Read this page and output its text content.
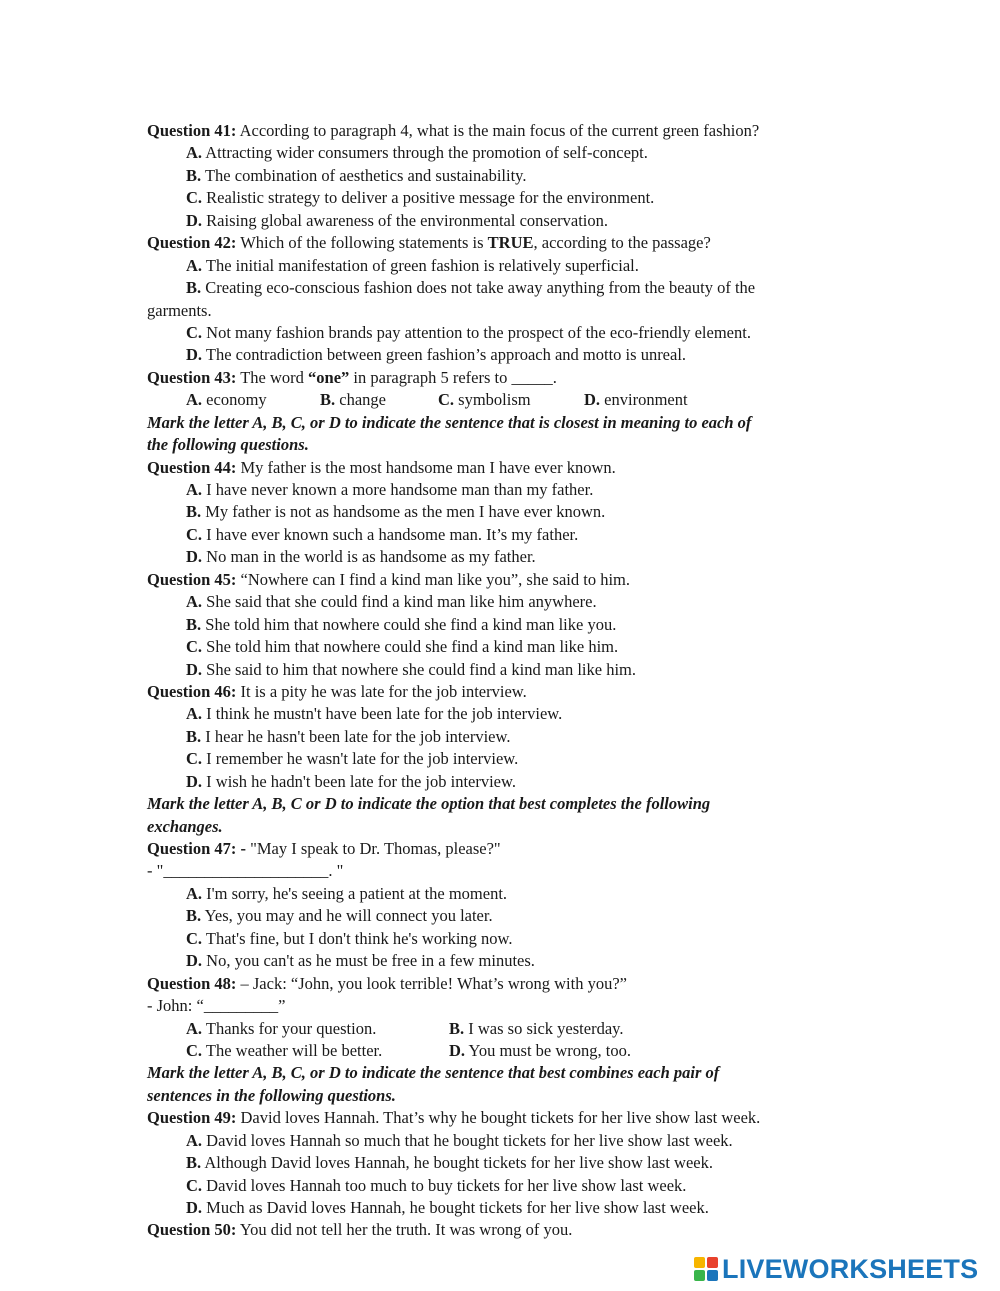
Question 41: According to paragraph 4, what is the main focus of the current green fashion?
A. Attracting wider consumers through the promotion of self-concept.
B. The combination of aesthetics and sustainability.
C. Realistic strategy to deliver a positive message for the environment.
D. Raising global awareness of the environmental conservation.
Question 42: Which of the following statements is TRUE, according to the passage?
A. The initial manifestation of green fashion is relatively superficial.
B. Creating eco-conscious fashion does not take away anything from the beauty of the
garments.
C. Not many fashion brands pay attention to the prospect of the eco-friendly element.
D. The contradiction between green fashion’s approach and motto is unreal.
Question 43: The word “one” in paragraph 5 refers to _____.
A. economy	B. change	C. symbolism	D. environment
Mark the letter A, B, C, or D to indicate the sentence that is closest in meaning to each of
the following questions.
Question 44: My father is the most handsome man I have ever known.
A. I have never known a more handsome man than my father.
B. My father is not as handsome as the men I have ever known.
C. I have ever known such a handsome man. It’s my father.
D. No man in the world is as handsome as my father.
Question 45: “Nowhere can I find a kind man like you”, she said to him.
A. She said that she could find a kind man like him anywhere.
B. She told him that nowhere could she find a kind man like you.
C. She told him that nowhere could she find a kind man like him.
D. She said to him that nowhere she could find a kind man like him.
Question 46: It is a pity he was late for the job interview.
A. I think he mustn't have been late for the job interview.
B. I hear he hasn't been late for the job interview.
C. I remember he wasn't late for the job interview.
D. I wish he hadn't been late for the job interview.
Mark the letter A, B, C or D to indicate the option that best completes the following
exchanges.
Question 47: - "May I speak to Dr. Thomas, please?"
- "____________________. "
A. I'm sorry, he's seeing a patient at the moment.
B. Yes, you may and he will connect you later.
C. That's fine, but I don't think he's working now.
D. No, you can't as he must be free in a few minutes.
Question 48: – Jack: “John, you look terrible! What’s wrong with you?”
- John: “_________”
A. Thanks for your question.	B. I was so sick yesterday.
C. The weather will be better.	D. You must be wrong, too.
Mark the letter A, B, C, or D to indicate the sentence that best combines each pair of
sentences in the following questions.
Question 49: David loves Hannah. That’s why he bought tickets for her live show last week.
A. David loves Hannah so much that he bought tickets for her live show last week.
B. Although David loves Hannah, he bought tickets for her live show last week.
C. David loves Hannah too much to buy tickets for her live show last week.
D. Much as David loves Hannah, he bought tickets for her live show last week.
Question 50: You did not tell her the truth. It was wrong of you.
LIVEWORKSHEETS
